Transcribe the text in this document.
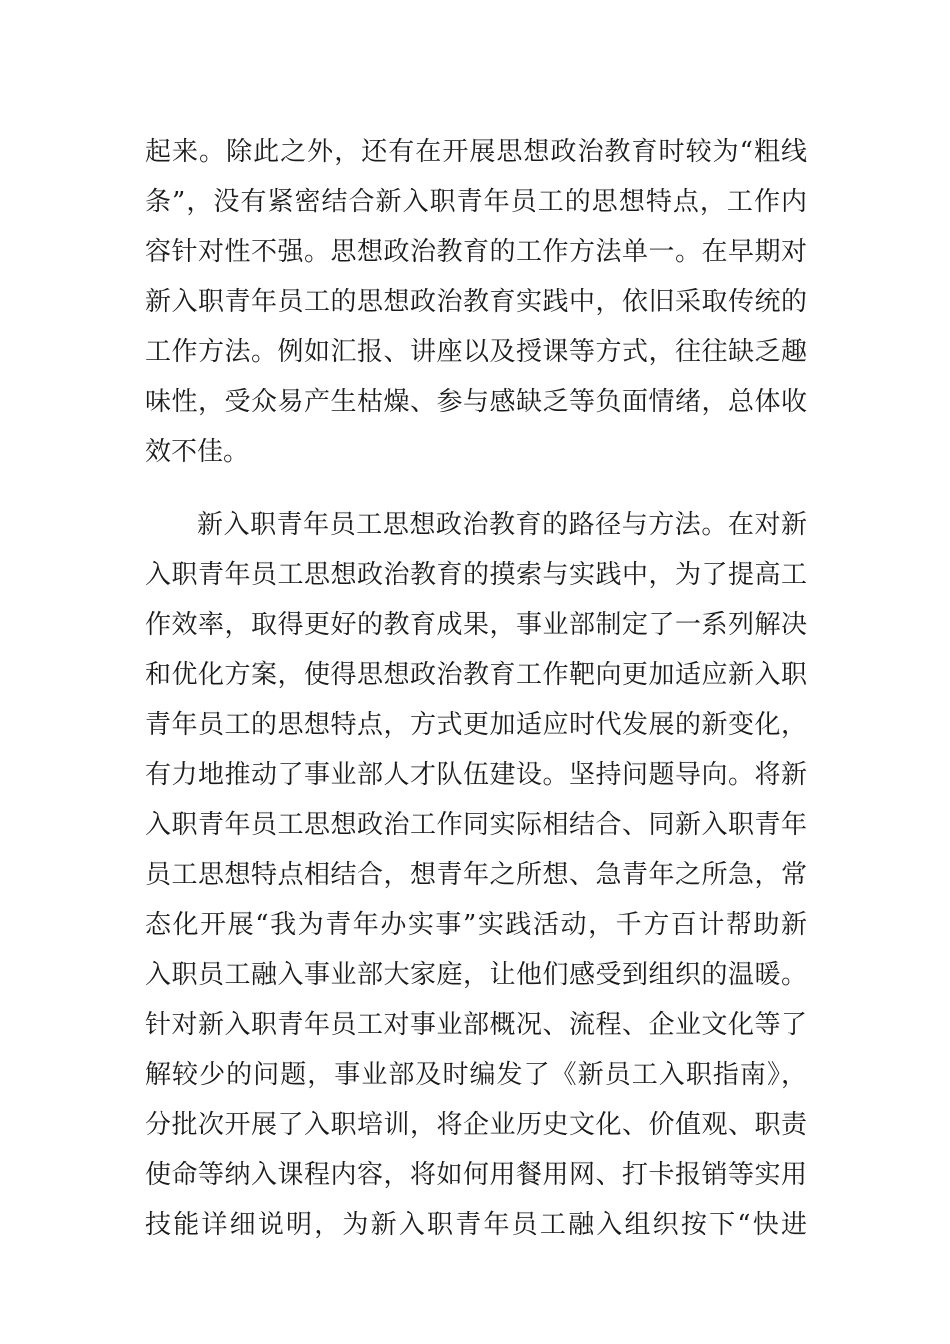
起来。除此之外，还有在开展思想政治教育时较为“粗线
条”，没有紧密结合新入职青年员工的思想特点，工作内
容针对性不强。思想政治教育的工作方法单一。在早期对
新入职青年员工的思想政治教育实践中，依旧采取传统的
工作方法。例如汇报、讲座以及授课等方式，往往缺乏趣
味性，受众易产生枯燥、参与感缺乏等负面情绪，总体收
效不佳。
新入职青年员工思想政治教育的路径与方法。在对新
入职青年员工思想政治教育的摸索与实践中，为了提高工
作效率，取得更好的教育成果，事业部制定了一系列解决
和优化方案，使得思想政治教育工作靶向更加适应新入职
青年员工的思想特点，方式更加适应时代发展的新变化，
有力地推动了事业部人才队伍建设。坚持问题导向。将新
入职青年员工思想政治工作同实际相结合、同新入职青年
员工思想特点相结合，想青年之所想、急青年之所急，常
态化开展“我为青年办实事”实践活动，千方百计帮助新
入职员工融入事业部大家庭，让他们感受到组织的温暖。
针对新入职青年员工对事业部概况、流程、企业文化等了
解较少的问题，事业部及时编发了《新员工入职指南》，
分批次开展了入职培训，将企业历史文化、价值观、职责
使命等纳入课程内容，将如何用餐用网、打卡报销等实用
技能详细说明，为新入职青年员工融入组织按下“快进
